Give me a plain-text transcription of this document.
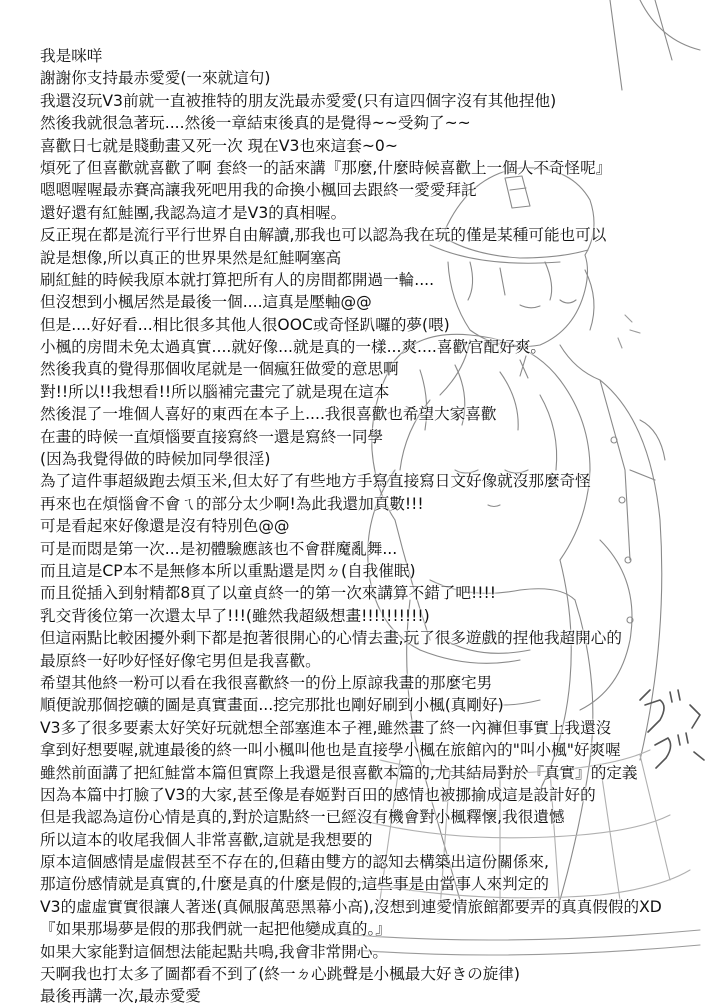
我是咪咩
謝謝你支持最赤愛愛(一來就這句)
我還沒玩V3前就一直被推特的朋友洗最赤愛愛(只有這四個字沒有其他捏他)
然後我就很急著玩....然後一章結束後真的是覺得~~受夠了~~
喜歡日七就是賤動畫又死一次 現在V3也來這套~0~
煩死了但喜歡就喜歡了啊 套終一的話來講『那麼,什麼時候喜歡上一個人不奇怪呢』
嗯嗯喔喔最赤賽高讓我死吧用我的命換小楓回去跟終一愛愛拜託
還好還有紅鮭團,我認為這才是V3的真相喔。
反正現在都是流行平行世界自由解讀,那我也可以認為我在玩的僅是某種可能也可以
說是想像,所以真正的世界果然是紅鮭啊塞高
刷紅鮭的時候我原本就打算把所有人的房間都開過一輪....
但沒想到小楓居然是最後一個....這真是壓軸@@
但是....好好看...相比很多其他人很OOC或奇怪趴囉的夢(喂)
小楓的房間未免太過真實....就好像...就是真的一樣...爽....喜歡官配好爽。
然後我真的覺得那個收尾就是一個瘋狂做愛的意思啊
對!!所以!!我想看!!所以腦補完畫完了就是現在這本
然後混了一堆個人喜好的東西在本子上....我很喜歡也希望大家喜歡
在畫的時候一直煩惱要直接寫終一還是寫終一同學
(因為我覺得做的時候加同學很淫)
為了這件事超級跑去煩玉米,但太好了有些地方手寫直接寫日文好像就沒那麼奇怪
再來也在煩惱會不會ㄟ的部分太少啊!為此我還加頁數!!!
可是看起來好像還是沒有特別色@@
可是而悶是第一次...是初體驗應該也不會群魔亂舞...
而且這是CP本不是無修本所以重點還是閃ㄉ(自我催眠)
而且從插入到射精都8頁了以童貞終一的第一次來講算不錯了吧!!!!
乳交背後位第一次還太早了!!!(雖然我超級想畫!!!!!!!!!!)
但這兩點比較困擾外剩下都是抱著很開心的心情去畫,玩了很多遊戲的捏他我超開心的
最原終一好吵好怪好像宅男但是我喜歡。
希望其他終一粉可以看在我很喜歡終一的份上原諒我畫的那麼宅男
順便說那個挖礦的圖是真實畫面...挖完那批也剛好刷到小楓(真剛好)
V3多了很多要素太好笑好玩就想全部塞進本子裡,雖然畫了終一內褲但事實上我還沒
拿到好想要喔,就連最後的終一叫小楓叫他也是直接學小楓在旅館內的"叫小楓"好爽喔
雖然前面講了把紅鮭當本篇但實際上我還是很喜歡本篇的,尤其結局對於『真實』的定義
因為本篇中打臉了V3的大家,甚至像是春姬對百田的感情也被挪揄成這是設計好的
但是我認為這份心情是真的,對於這點終一已經沒有機會對小楓釋懷,我很遺憾
所以這本的收尾我個人非常喜歡,這就是我想要的
原本這個感情是虛假甚至不存在的,但藉由雙方的認知去構築出這份關係來,
那這份感情就是真實的,什麼是真的什麼是假的,這些事是由當事人來判定的
V3的虛虛實實很讓人著迷(真佩服萬惡黑幕小高),沒想到連愛情旅館都要弄的真真假假的XD
『如果那場夢是假的那我們就一起把他變成真的。』
如果大家能對這個想法能起點共鳴,我會非常開心。
天啊我也打太多了圖都看不到了(終一ㄉ心跳聲是小楓最大好きの旋律)
最後再講一次,最赤愛愛
